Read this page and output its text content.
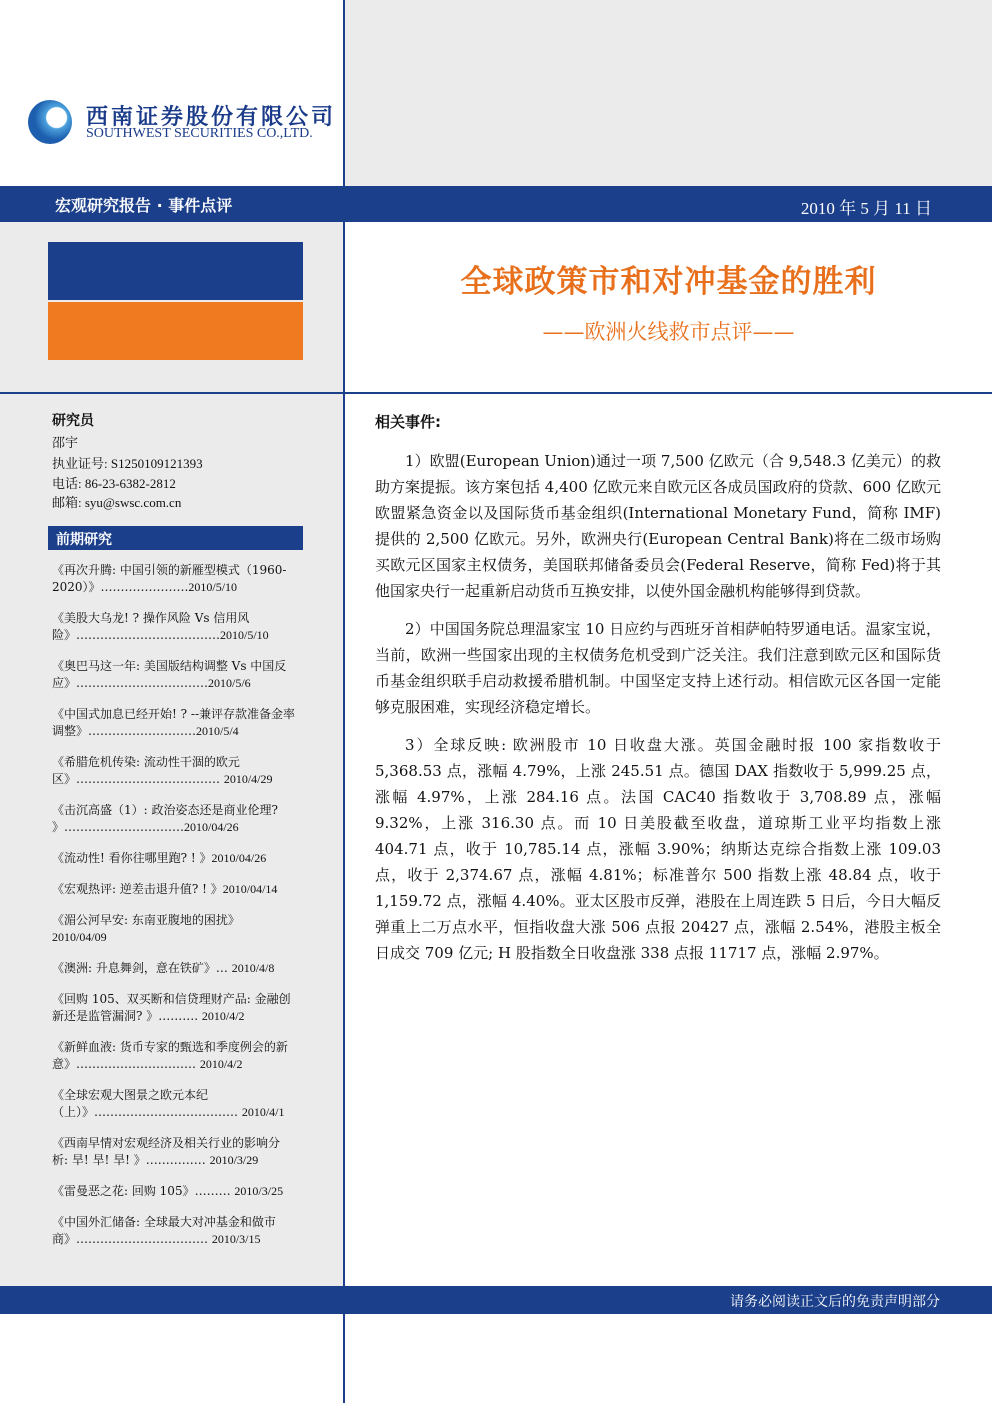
西南证券股份有限公司
SOUTHWEST SECURITIES CO.,LTD.
宏观研究报告 · 事件点评	2010 年 5 月 11 日
全球政策市和对冲基金的胜利
——欧洲火线救市点评——
研究员
邵宇
执业证号: S1250109121393
电话: 86-23-6382-2812
邮箱: syu@swsc.com.cn
前期研究
《再次升腾: 中国引领的新雁型模式（1960-2020）》………………….2010/5/10
《美股大乌龙! ? 操作风险 Vs 信用风险》………………………………2010/5/10
《奥巴马这一年: 美国版结构调整 Vs 中国反应》……………………………2010/5/6
《中国式加息已经开始! ? --兼评存款准备金率调整》………………………2010/5/4
《希腊危机传染: 流动性干涸的欧元区》……………………………… 2010/4/29
《击沉高盛（1）: 政治姿态还是商业伦理? 》…………………………2010/04/26
《流动性! 看你往哪里跑? ! 》2010/04/26
《宏观热评: 逆差击退升值? ! 》2010/04/14
《湄公河早安: 东南亚腹地的困扰》
2010/04/09
《澳洲: 升息舞剑，意在铁矿》… 2010/4/8
《回购 105、双买断和信贷理财产品: 金融创新还是监管漏洞? 》………. 2010/4/2
《新鲜血液: 货币专家的甄选和季度例会的新意》………………………… 2010/4/2
《全球宏观大图景之欧元本纪（上）》……………………………… 2010/4/1
《西南早情对宏观经济及相关行业的影响分析: 旱! 旱! 旱! 》…………… 2010/3/29
《雷曼恶之花: 回购 105》……… 2010/3/25
《中国外汇储备: 全球最大对冲基金和做市商》…………………………… 2010/3/15
相关事件:

1）欧盟(European Union)通过一项 7,500 亿欧元（合 9,548.3 亿美元）的救助方案提振。该方案包括 4,400 亿欧元来自欧元区各成员国政府的贷款、600 亿欧元欧盟紧急资金以及国际货币基金组织(International Monetary Fund，简称 IMF)提供的 2,500 亿欧元。另外，欧洲央行(European Central Bank)将在二级市场购买欧元区国家主权债务，美国联邦储备委员会(Federal Reserve，简称 Fed)将于其他国家央行一起重新启动货币互换安排，以使外国金融机构能够得到贷款。

2）中国国务院总理温家宝 10 日应约与西班牙首相萨帕特罗通电话。温家宝说，当前，欧洲一些国家出现的主权债务危机受到广泛关注。我们注意到欧元区和国际货币基金组织联手启动救援希腊机制。中国坚定支持上述行动。相信欧元区各国一定能够克服困难，实现经济稳定增长。

3）全球反映: 欧洲股市 10 日收盘大涨。英国金融时报 100 家指数收于 5,368.53 点，涨幅 4.79%，上涨 245.51 点。德国 DAX 指数收于 5,999.25 点，涨幅 4.97%，上涨 284.16 点。法国 CAC40 指数收于 3,708.89 点，涨幅 9.32%，上涨 316.30 点。而 10 日美股截至收盘，道琼斯工业平均指数上涨 404.71 点，收于 10,785.14 点，涨幅 3.90%；纳斯达克综合指数上涨 109.03 点，收于 2,374.67 点，涨幅 4.81%；标准普尔 500 指数上涨 48.84 点，收于 1,159.72 点，涨幅 4.40%。亚太区股市反弹，港股在上周连跌 5 日后，今日大幅反弹重上二万点水平，恒指收盘大涨 506 点报 20427 点，涨幅 2.54%，港股主板全日成交 709 亿元; H 股指数全日收盘涨 338 点报 11717 点，涨幅 2.97%。

请务必阅读正文后的免责声明部分
